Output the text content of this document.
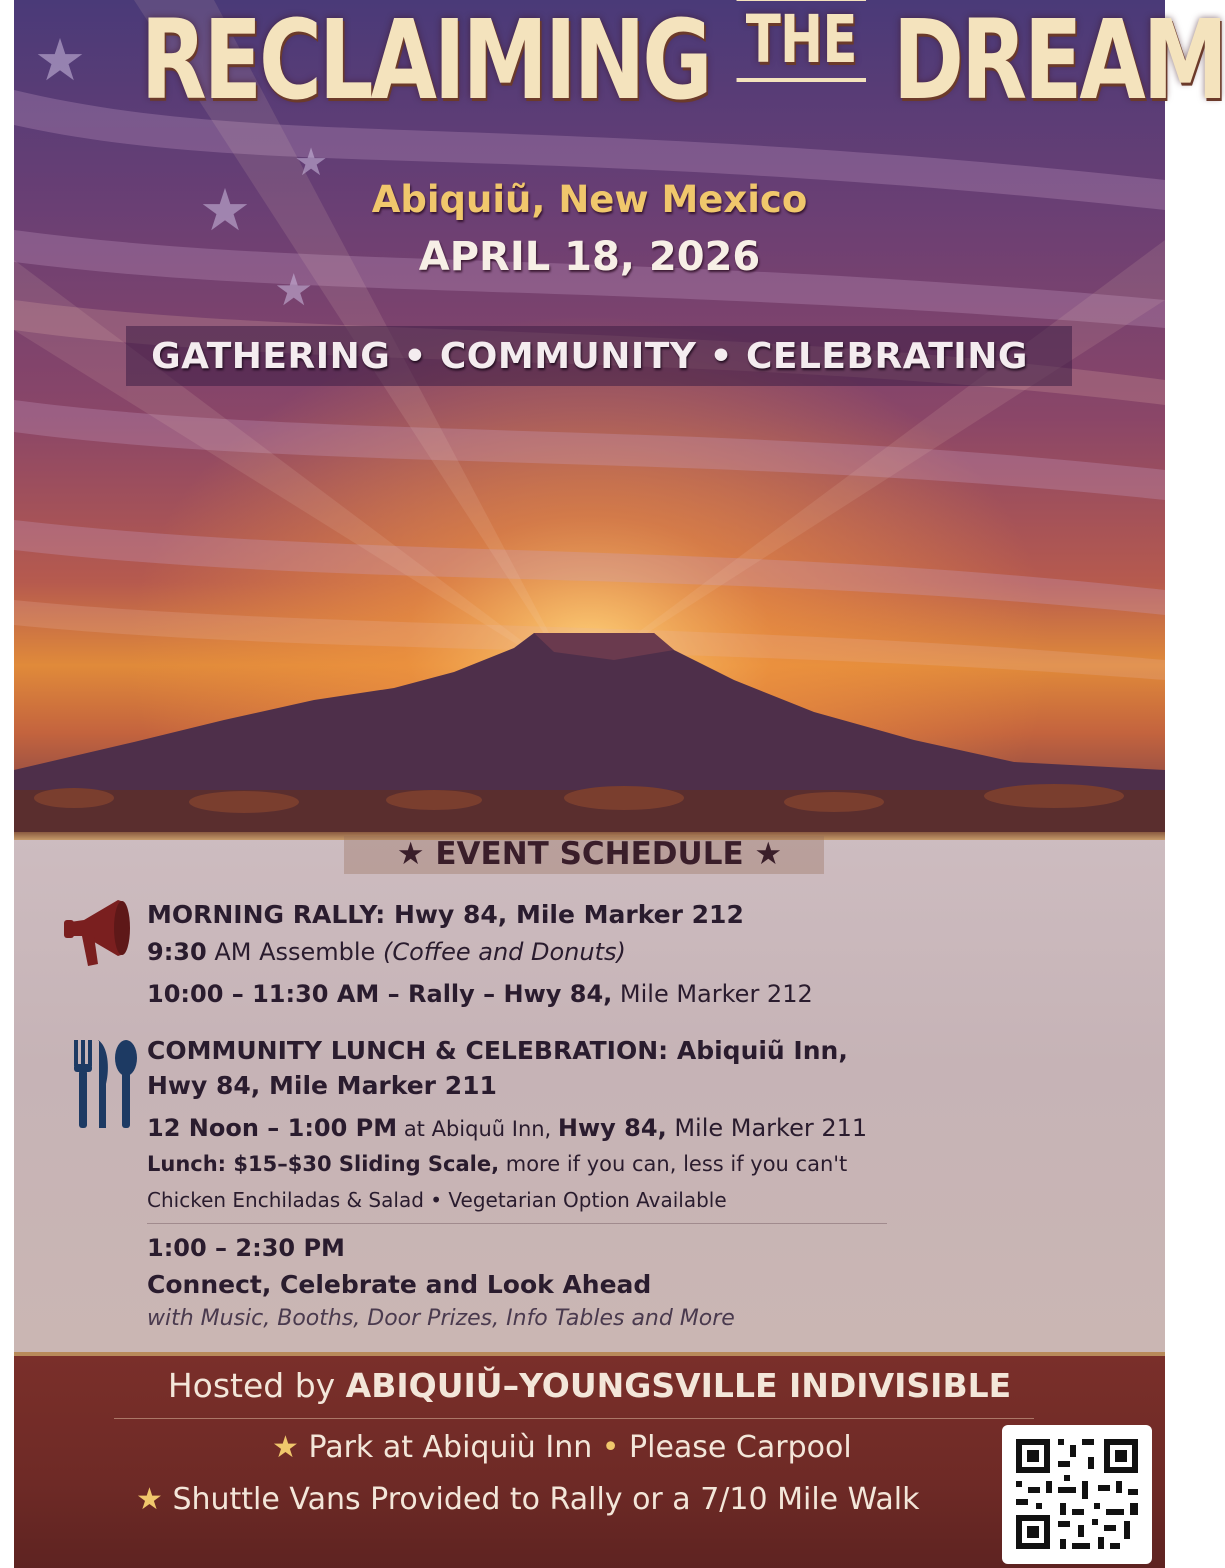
★
★
★
★
RECLAIMING $^{THE}$ DREAM
Abiquiũ, New Mexico
APRIL 18, 2026
GATHERING • COMMUNITY • CELEBRATING
★ EVENT SCHEDULE ★
MORNING RALLY: Hwy 84, Mile Marker 212
9:30 AM Assemble (Coffee and Donuts)
10:00 – 11:30 AM – Rally – Hwy 84, Mile Marker 212
COMMUNITY LUNCH & CELEBRATION: Abiquiũ Inn,
Hwy 84, Mile Marker 211
12 Noon – 1:00 PM at Abiquũ Inn, Hwy 84, Mile Marker 211
Lunch: $15–$30 Sliding Scale, more if you can, less if you can't
Chicken Enchiladas & Salad • Vegetarian Option Available
1:00 – 2:30 PM
Connect, Celebrate and Look Ahead
with Music, Booths, Door Prizes, Info Tables and More
Hosted by ABIQUIŬ–YOUNGSVILLE INDIVISIBLE
★ Park at Abiquiù Inn • Please Carpool
★ Shuttle Vans Provided to Rally or a 7/10 Mile Walk
